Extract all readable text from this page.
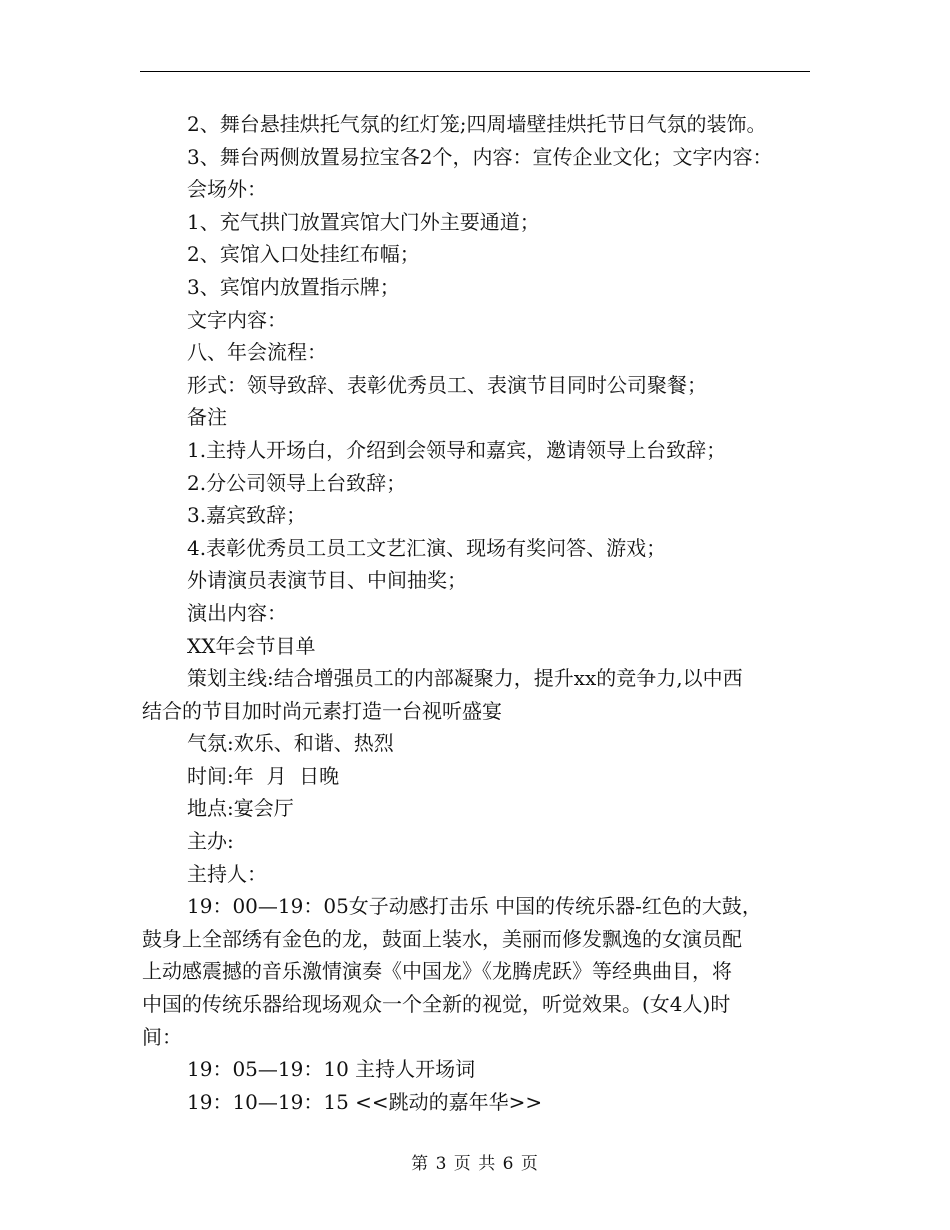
2、舞台悬挂烘托气氛的红灯笼;四周墙壁挂烘托节日气氛的装饰。
3、舞台两侧放置易拉宝各2个，内容：宣传企业文化；文字内容：
会场外：
1、充气拱门放置宾馆大门外主要通道；
2、宾馆入口处挂红布幅；
3、宾馆内放置指示牌；
文字内容：
八、年会流程：
形式：领导致辞、表彰优秀员工、表演节目同时公司聚餐；
备注
1.主持人开场白，介绍到会领导和嘉宾，邀请领导上台致辞；
2.分公司领导上台致辞；
3.嘉宾致辞；
4.表彰优秀员工员工文艺汇演、现场有奖问答、游戏；
外请演员表演节目、中间抽奖；
演出内容：
XX年会节目单
策划主线:结合增强员工的内部凝聚力，提升xx的竞争力,以中西
结合的节目加时尚元素打造一台视听盛宴
气氛:欢乐、和谐、热烈
时间:年  月  日晚
地点:宴会厅
主办:
主持人：
19：00—19：05女子动感打击乐 中国的传统乐器-红色的大鼓，
鼓身上全部绣有金色的龙，鼓面上装水，美丽而修发飘逸的女演员配
上动感震撼的音乐激情演奏《中国龙》《龙腾虎跃》等经典曲目，将
中国的传统乐器给现场观众一个全新的视觉，听觉效果。(女4人)时
间：
19：05—19：10 主持人开场词
19：10—19：15 <<跳动的嘉年华>>
第 3 页 共 6 页
